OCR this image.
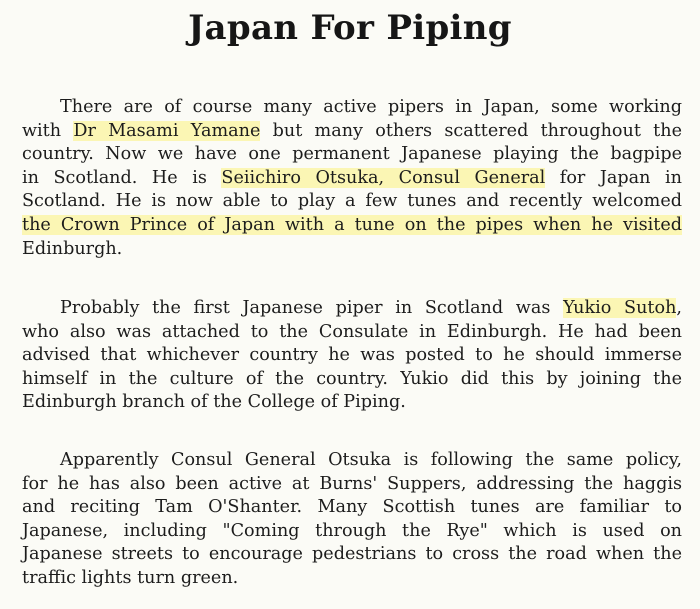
Japan For Piping
There are of course many active pipers in Japan, some working
with Dr Masami Yamane but many others scattered throughout the
country. Now we have one permanent Japanese playing the bagpipe
in Scotland. He is Seiichiro Otsuka, Consul General for Japan in
Scotland. He is now able to play a few tunes and recently welcomed
the Crown Prince of Japan with a tune on the pipes when he visited
Edinburgh.
Probably the first Japanese piper in Scotland was Yukio Sutoh,
who also was attached to the Consulate in Edinburgh. He had been
advised that whichever country he was posted to he should immerse
himself in the culture of the country. Yukio did this by joining the
Edinburgh branch of the College of Piping.
Apparently Consul General Otsuka is following the same policy,
for he has also been active at Burns' Suppers, addressing the haggis
and reciting Tam O'Shanter. Many Scottish tunes are familiar to
Japanese, including "Coming through the Rye" which is used on
Japanese streets to encourage pedestrians to cross the road when the
traffic lights turn green.
